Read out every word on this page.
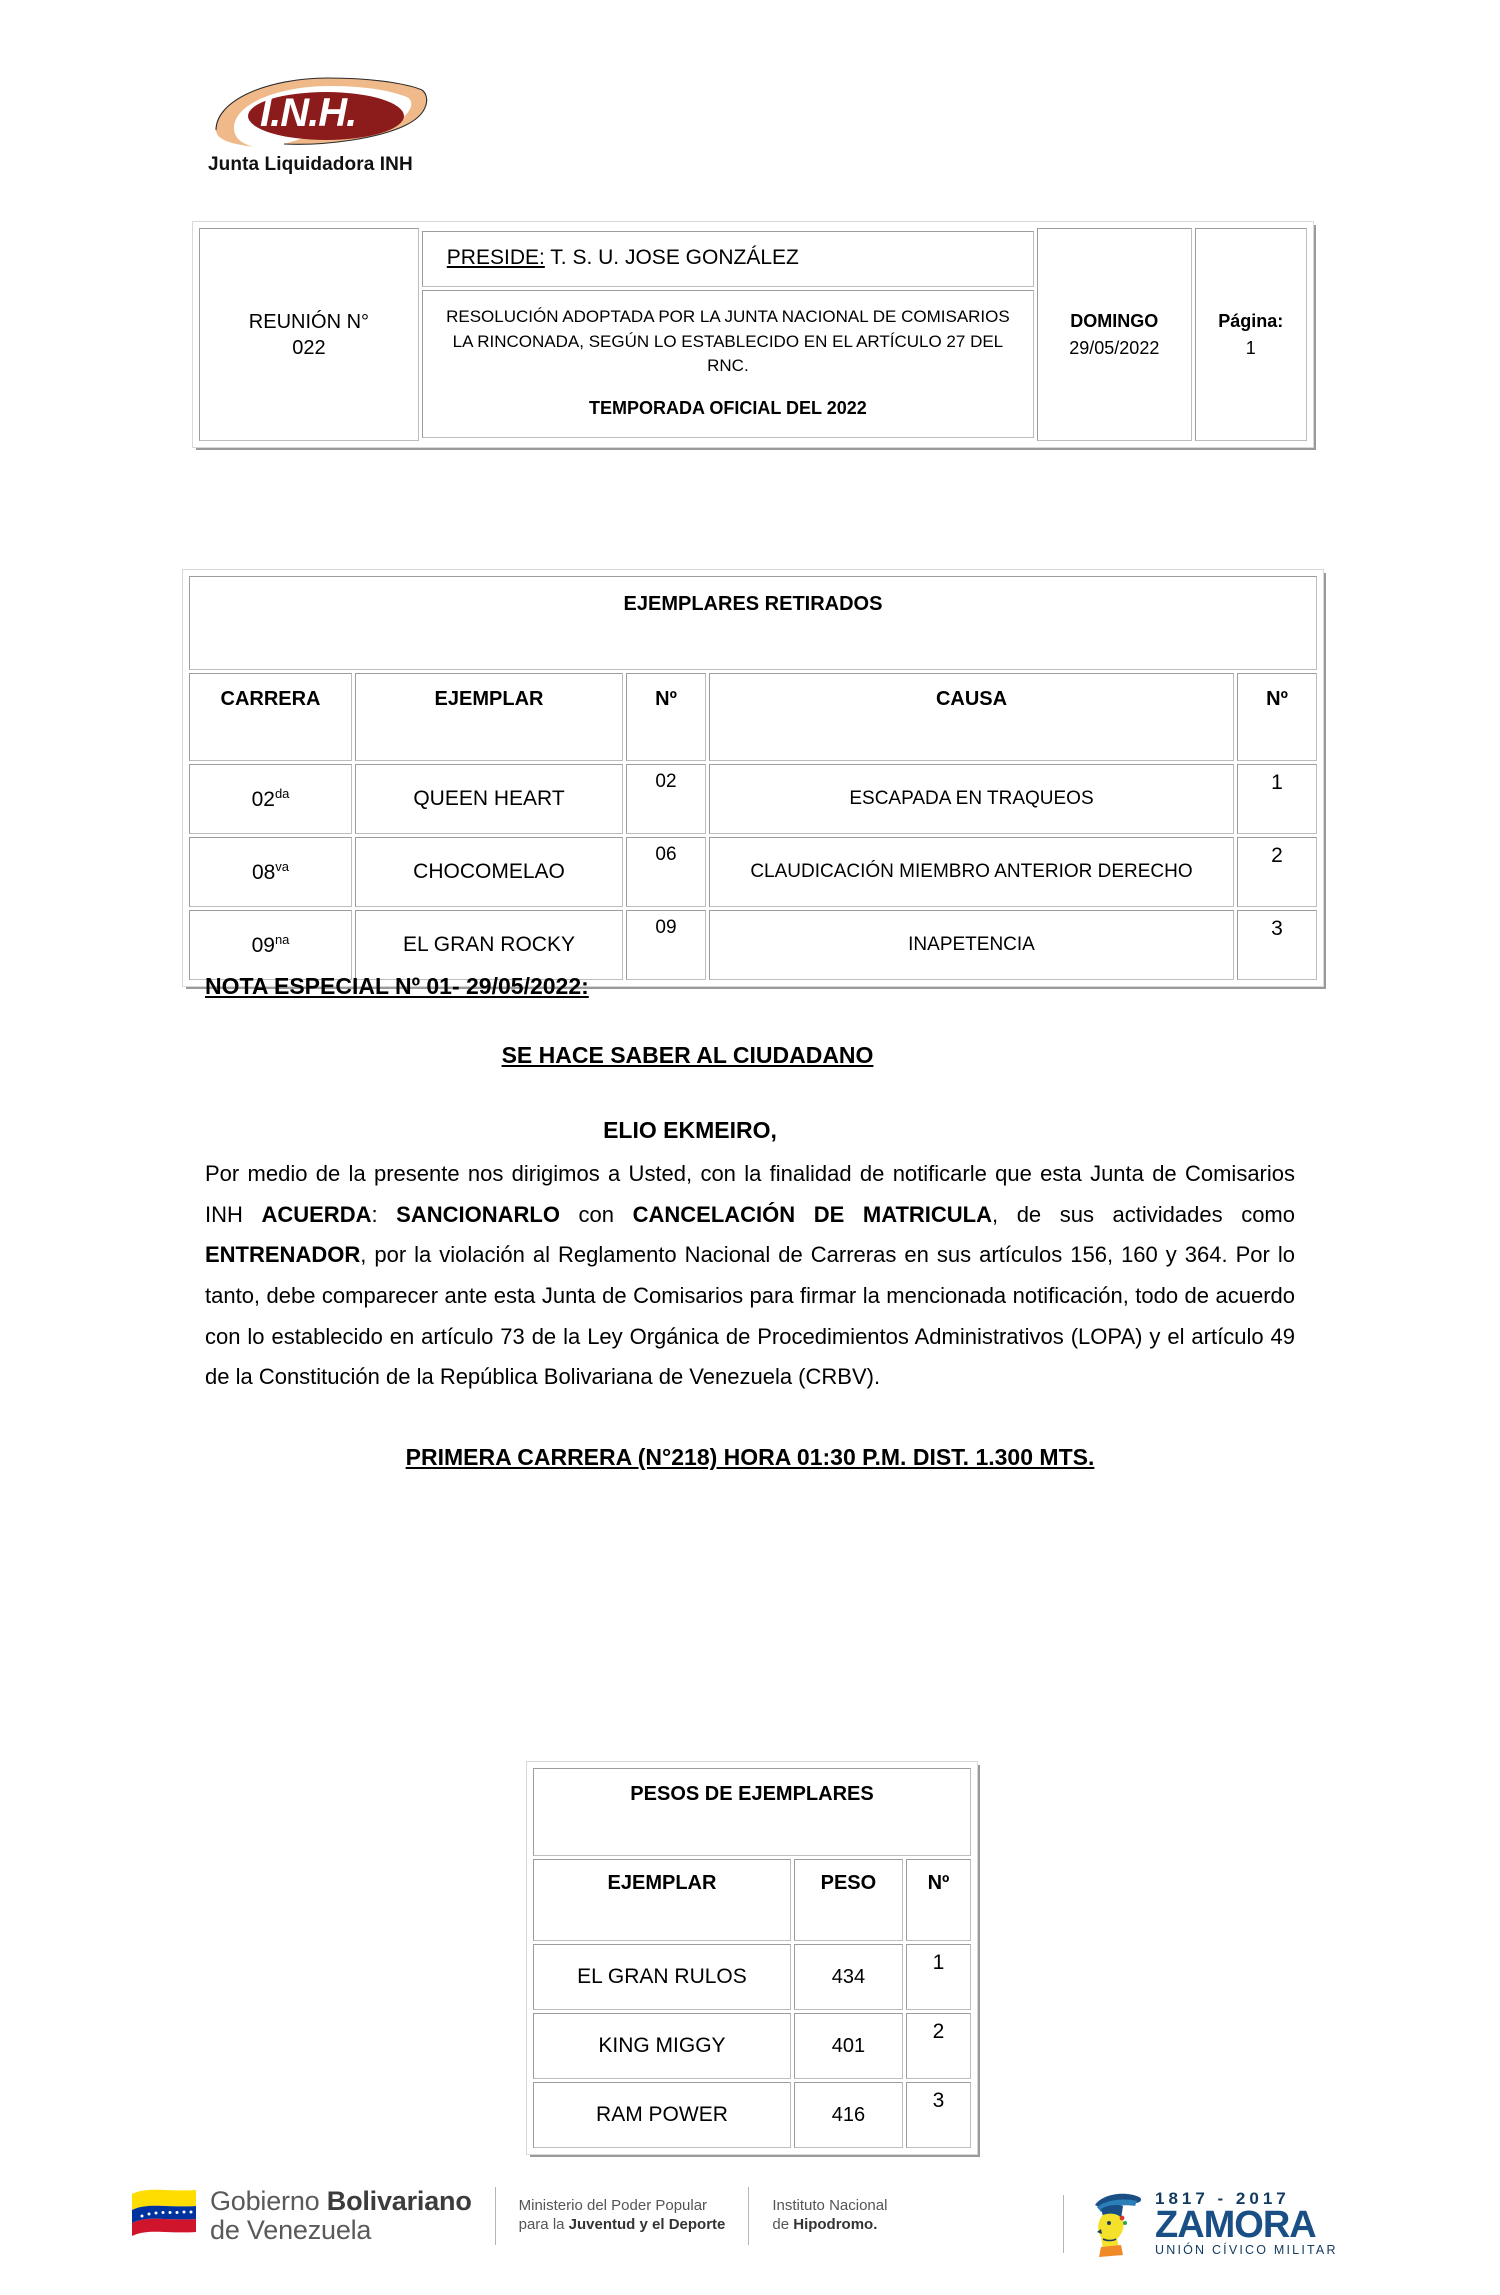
I.N.H.
Junta Liquidadora INH
REUNIÓN N°
022

PRESIDE: T. S. U. JOSE GONZÁLEZ
RESOLUCIÓN ADOPTADA POR LA JUNTA NACIONAL DE COMISARIOS LA RINCONADA, SEGÚN LO ESTABLECIDO EN EL ARTÍCULO 27 DEL RNC.
TEMPORADA OFICIAL DEL 2022

DOMINGO
29/05/2022	
Página:
1
EJEMPLARES RETIRADOS				
CARRERA	EJEMPLAR	Nº	CAUSA	Nº
$02^{da}$	QUEEN HEART	02	ESCAPADA EN TRAQUEOS	1
$08^{va}$	CHOCOMELAO	06	CLAUDICACIÓN MIEMBRO ANTERIOR DERECHO	2
$09^{na}$	EL GRAN ROCKY	09	INAPETENCIA	3
NOTA ESPECIAL Nº 01- 29/05/2022:
SE HACE SABER AL CIUDADANO
ELIO EKMEIRO,

Por medio de la presente nos dirigimos a Usted, con la finalidad de notificarle que esta Junta de Comisarios INH ACUERDA: SANCIONARLO con CANCELACIÓN DE MATRICULA, de sus actividades como ENTRENADOR, por la violación al Reglamento Nacional de Carreras en sus artículos 156, 160 y 364. Por lo tanto, debe comparecer ante esta Junta de Comisarios para firmar la mencionada notificación, todo de acuerdo con lo establecido en artículo 73 de la Ley Orgánica de Procedimientos Administrativos (LOPA) y el artículo 49 de la Constitución de la República Bolivariana de Venezuela (CRBV).

PRIMERA CARRERA (N°218) HORA 01:30 P.M. DIST. 1.300 MTS.
PESOS DE EJEMPLARES		
EJEMPLAR	PESO	Nº
EL GRAN RULOS	434	1
KING MIGGY	401	2
RAM POWER	416	3
Gobierno Bolivariano
de Venezuela
Ministerio del Poder Popular
para la Juventud y el Deporte
Instituto Nacional
de Hipodromo.
1817 - 2017
ZAMORA
UNIÓN CÍVICO MILITAR
